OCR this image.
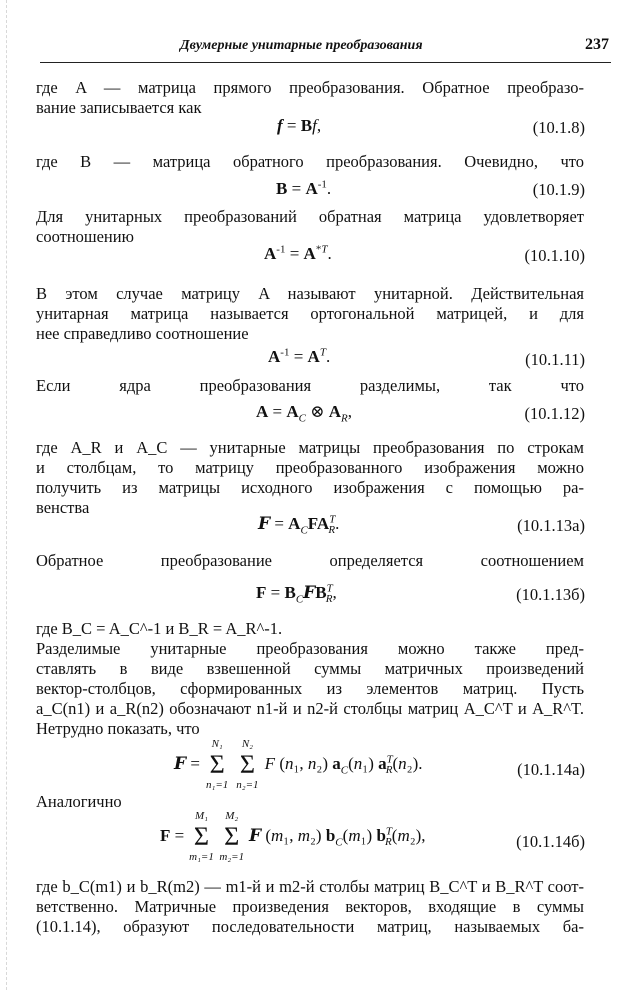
Двумерные унитарные преобразования	237

где A — матрица прямого преобразования. Обратное преобразо-

вание записывается как

f = Bf,	(10.1.8)

где B — матрица обратного преобразования. Очевидно, что

$B = A^{-1}$.	(10.1.9)

Для унитарных преобразований обратная матрица удовлетворяет

соотношению

$A^{-1} = A^{*T}$.	(10.1.10)

В этом случае матрицу A называют унитарной. Действительная

унитарная матрица называется ортогональной матрицей, и для

нее справедливо соотношение

$A^{-1} = A^T$.	(10.1.11)

Если ядра преобразования разделимы, так что

$A = A_C$ ⊗ $A_R$,	(10.1.12)

где A_R и A_C — унитарные матрицы преобразования по строкам

и столбцам, то матрицу преобразованного изображения можно

получить из матрицы исходного изображения с помощью ра-

венства

$F = A_CFA^T_R$.	(10.1.13а)

Обратное преобразование определяется соотношением

$F = B_CFB^T_R$,	(10.1.13б)

где B_C = A_C^-1 и B_R = A_R^-1.

Разделимые унитарные преобразования можно также пред-

ставлять в виде взвешенной суммы матричных произведений

вектор-столбцов, сформированных из элементов матриц. Пусть

a_C(n1) и a_R(n2) обозначают n1-й и n2-й столбцы матриц A_C^T и A_R^T.

Нетрудно показать, что

F = Σ
N₁
n₁=1
Σ
N₂
n₂=1
F (n₁, n₂) $a_C(n_1)$ $a^T_R(n_2)$.	(10.1.14а)

Аналогично

F = Σ
M₁
m₁=1
Σ
M₂
m₂=1
F (m₁, m₂) $b_C(m_1)$ $b^T_R(m_2)$,	(10.1.14б)

где b_C(m1) и b_R(m2) — m1-й и m2-й столбы матриц B_C^T и B_R^T соот-

ветственно. Матричные произведения векторов, входящие в суммы

(10.1.14), образуют последовательности матриц, называемых ба-
